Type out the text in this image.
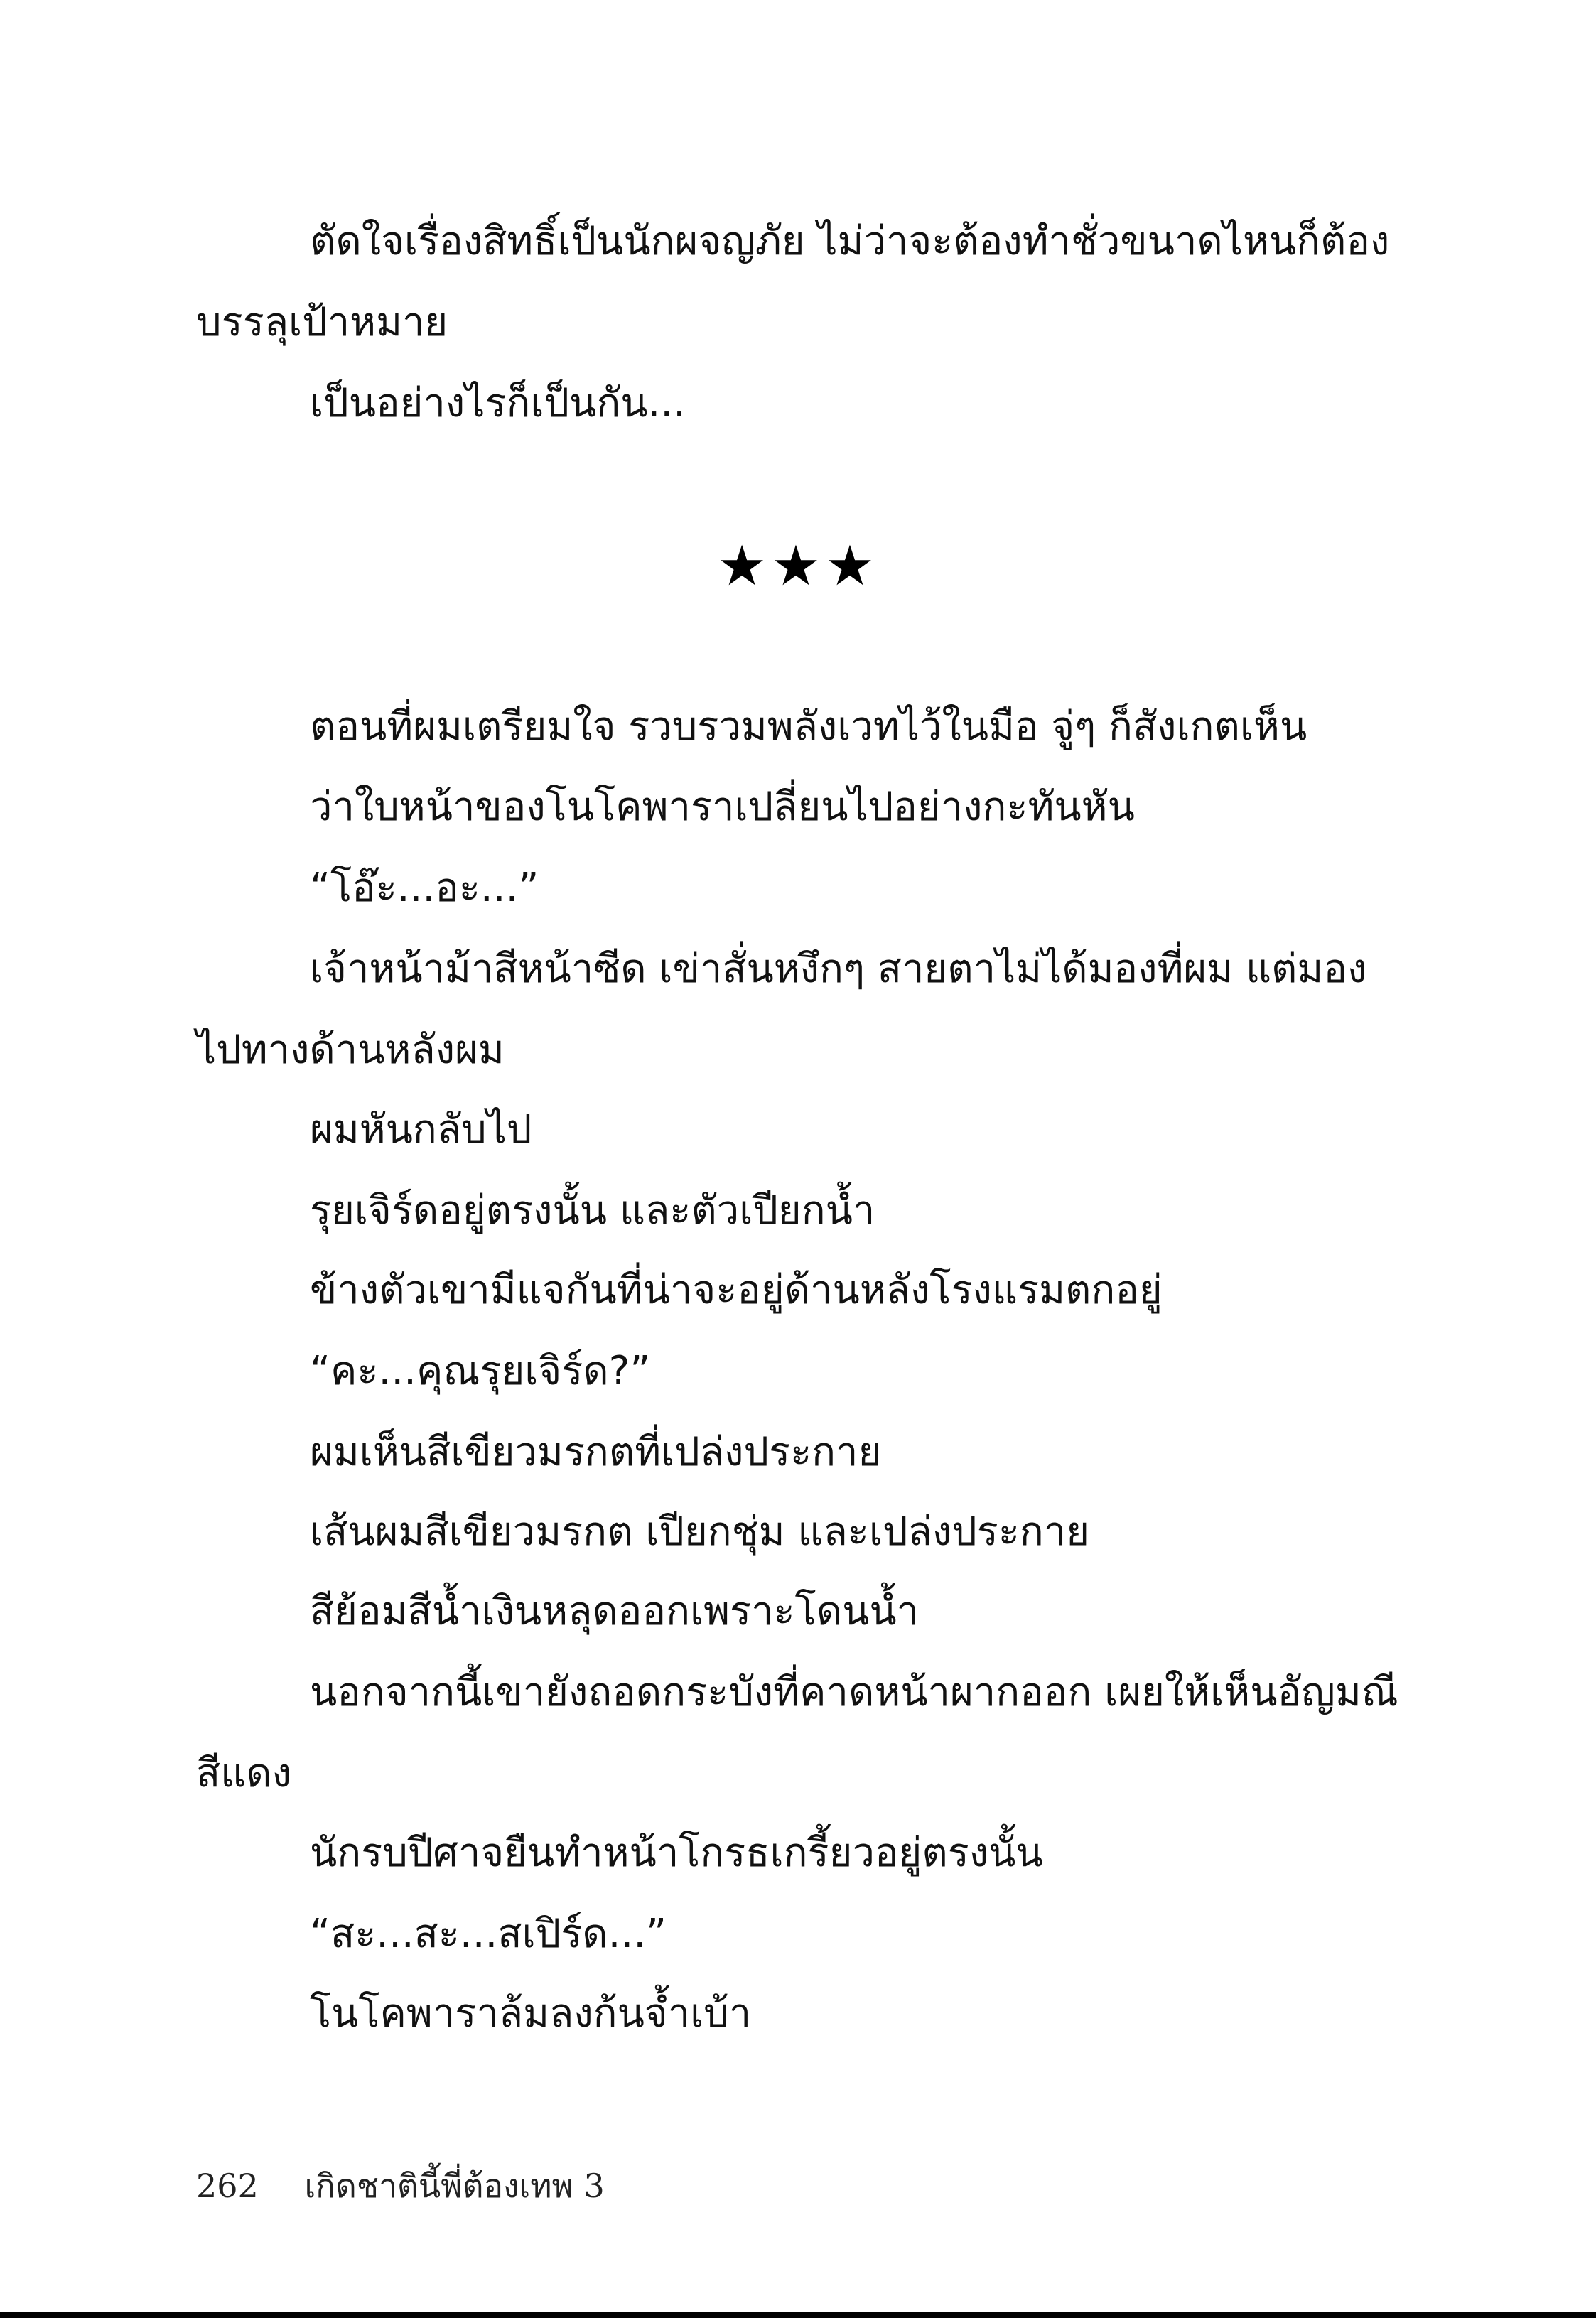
ตัดใจเรื่องสิทธิ์เป็นนักผจญภัย ไม่ว่าจะต้องทำชั่วขนาดไหนก็ต้อง
บรรลุเป้าหมาย
เป็นอย่างไรก็เป็นกัน...
★★★
ตอนที่ผมเตรียมใจ รวบรวมพลังเวทไว้ในมือ จู่ๆ ก็สังเกตเห็น
ว่าใบหน้าของโนโคพาราเปลี่ยนไปอย่างกะทันหัน
“โอ๊ะ...อะ...”
เจ้าหน้าม้าสีหน้าซีด เข่าสั่นหงึกๆ สายตาไม่ได้มองที่ผม แต่มอง
ไปทางด้านหลังผม
ผมหันกลับไป
รุยเจิร์ดอยู่ตรงนั้น และตัวเปียกน้ำ
ข้างตัวเขามีแจกันที่น่าจะอยู่ด้านหลังโรงแรมตกอยู่
“คะ...คุณรุยเจิร์ด?”
ผมเห็นสีเขียวมรกตที่เปล่งประกาย
เส้นผมสีเขียวมรกต เปียกชุ่ม และเปล่งประกาย
สีย้อมสีน้ำเงินหลุดออกเพราะโดนน้ำ
นอกจากนี้เขายังถอดกระบังที่คาดหน้าผากออก เผยให้เห็นอัญมณี
สีแดง
นักรบปีศาจยืนทำหน้าโกรธเกรี้ยวอยู่ตรงนั้น
“สะ...สะ...สเปิร์ด...”
โนโคพาราล้มลงก้นจ้ำเบ้า
262 เกิดชาตินี้พี่ต้องเทพ 3
